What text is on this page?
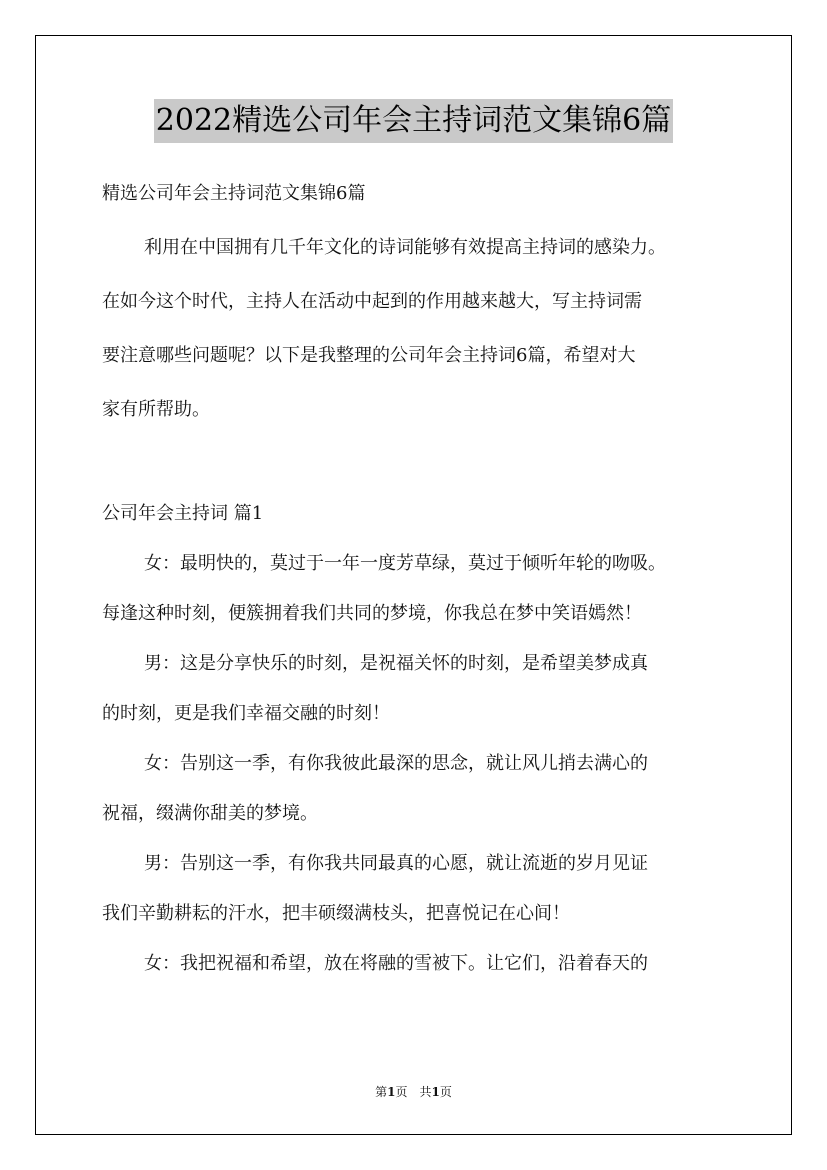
2022精选公司年会主持词范文集锦6篇

精选公司年会主持词范文集锦6篇

利用在中国拥有几千年文化的诗词能够有效提高主持词的感染力。

在如今这个时代，主持人在活动中起到的作用越来越大，写主持词需

要注意哪些问题呢？以下是我整理的公司年会主持词6篇，希望对大

家有所帮助。

公司年会主持词 篇1

女：最明快的，莫过于一年一度芳草绿，莫过于倾听年轮的吻吸。

每逢这种时刻，便簇拥着我们共同的梦境，你我总在梦中笑语嫣然！

男：这是分享快乐的时刻，是祝福关怀的时刻，是希望美梦成真

的时刻，更是我们幸福交融的时刻！

女：告别这一季，有你我彼此最深的思念，就让风儿捎去满心的

祝福，缀满你甜美的梦境。

男：告别这一季，有你我共同最真的心愿，就让流逝的岁月见证

我们辛勤耕耘的汗水，把丰硕缀满枝头，把喜悦记在心间！

女：我把祝福和希望，放在将融的雪被下。让它们，沿着春天的

第1页 共1页
